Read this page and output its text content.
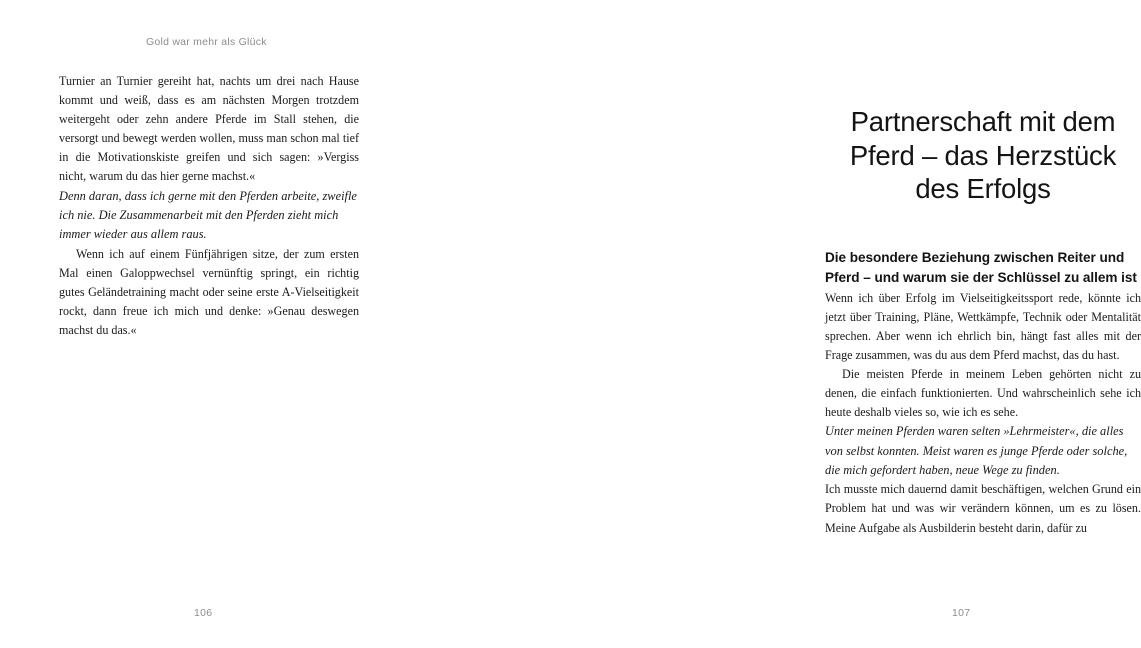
Gold war mehr als Glück

Turnier an Turnier gereiht hat, nachts um drei nach Hause kommt und weiß, dass es am nächsten Morgen trotzdem weitergeht oder zehn andere Pferde im Stall stehen, die versorgt und bewegt werden wollen, muss man schon mal tief in die Motivationskiste greifen und sich sagen: »Vergiss nicht, warum du das hier gerne machst.«

Denn daran, dass ich gerne mit den Pferden arbeite, zweifle ich nie. Die Zusammenarbeit mit den Pferden zieht mich immer wieder aus allem raus.

Wenn ich auf einem Fünfjährigen sitze, der zum ersten Mal einen Galoppwechsel vernünftig springt, ein richtig gutes Geländetraining macht oder seine erste A-Vielseitigkeit rockt, dann freue ich mich und denke: »Genau deswegen machst du das.«

106
Partnerschaft mit dem Pferd – das Herzstück des Erfolgs
Die besondere Beziehung zwischen Reiter und Pferd – und warum sie der Schlüssel zu allem ist

Wenn ich über Erfolg im Vielseitigkeitssport rede, könnte ich jetzt über Training, Pläne, Wettkämpfe, Technik oder Mentalität sprechen. Aber wenn ich ehrlich bin, hängt fast alles mit der Frage zusammen, was du aus dem Pferd machst, das du hast.

Die meisten Pferde in meinem Leben gehörten nicht zu denen, die einfach funktionierten. Und wahrscheinlich sehe ich heute deshalb vieles so, wie ich es sehe.

Unter meinen Pferden waren selten »Lehrmeister«, die alles von selbst konnten. Meist waren es junge Pferde oder solche, die mich gefordert haben, neue Wege zu finden.

Ich musste mich dauernd damit beschäftigen, welchen Grund ein Problem hat und was wir verändern können, um es zu lösen. Meine Aufgabe als Ausbilderin besteht darin, dafür zu

107
